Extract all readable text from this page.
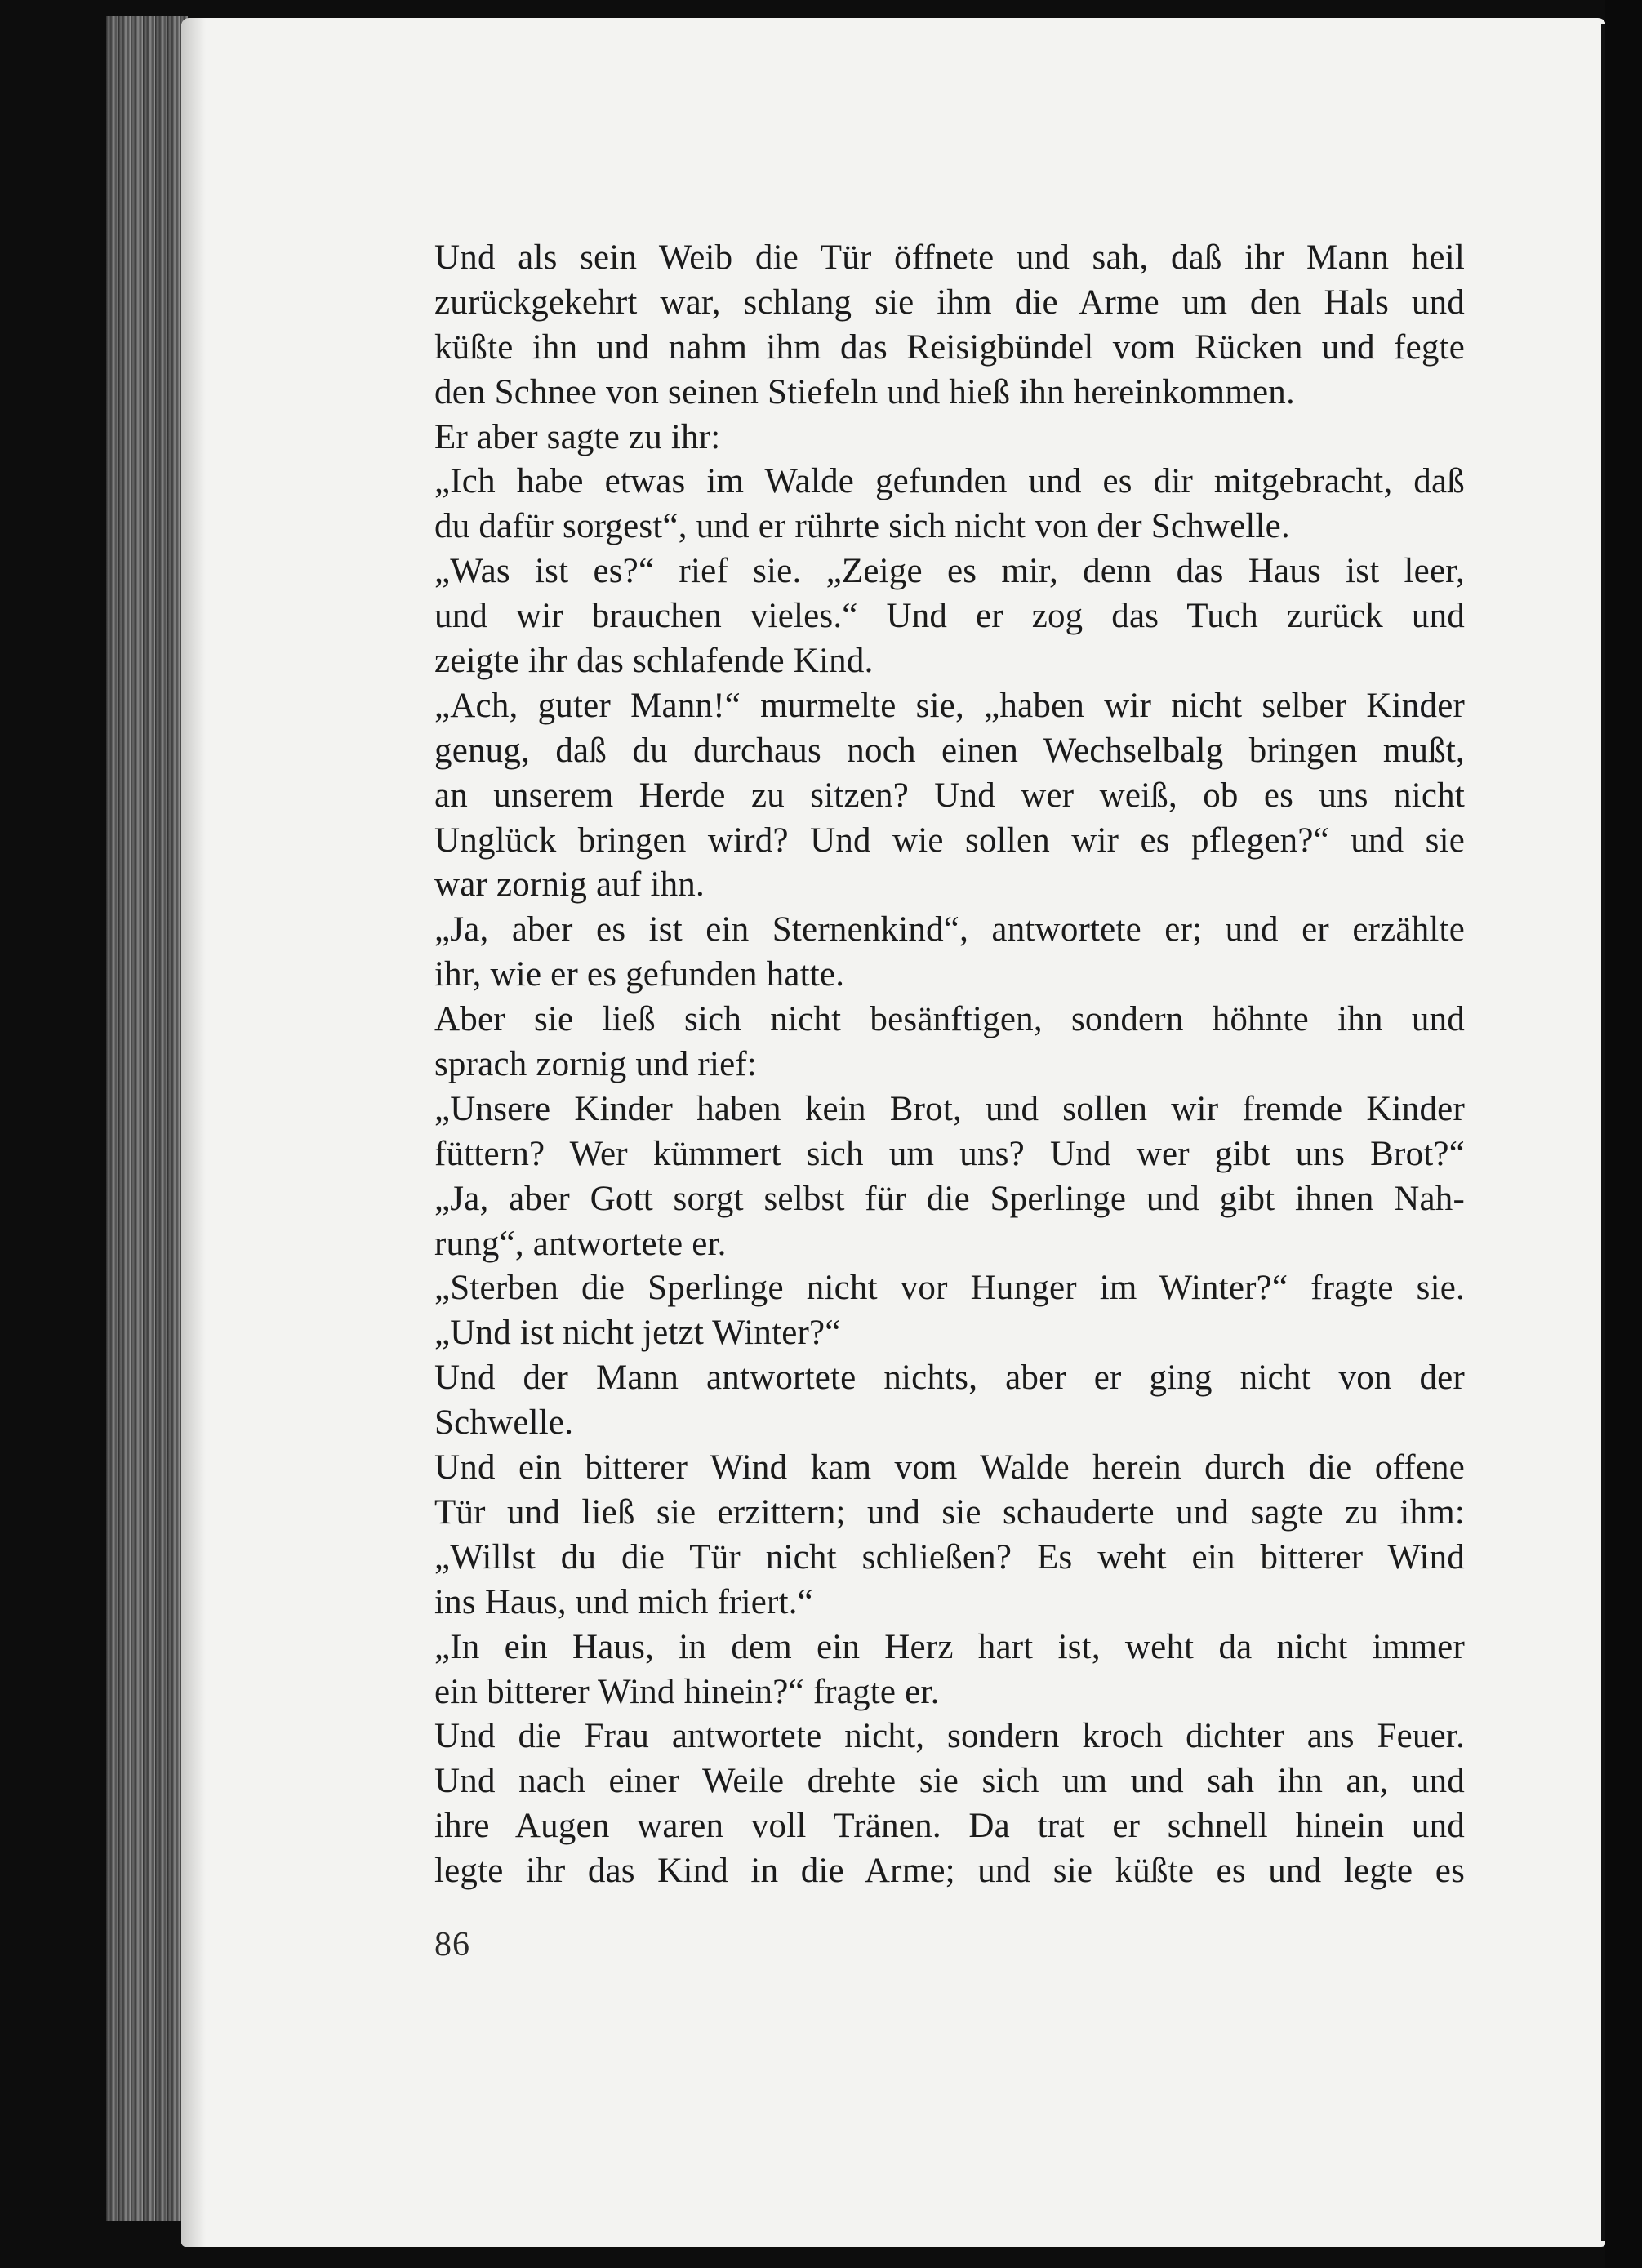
Und als sein Weib die Tür öffnete und sah, daß ihr Mann heil
zurückgekehrt war, schlang sie ihm die Arme um den Hals und
küßte ihn und nahm ihm das Reisigbündel vom Rücken und fegte
den Schnee von seinen Stiefeln und hieß ihn hereinkommen.
Er aber sagte zu ihr:
„Ich habe etwas im Walde gefunden und es dir mitgebracht, daß
du dafür sorgest“, und er rührte sich nicht von der Schwelle.
„Was ist es?“ rief sie. „Zeige es mir, denn das Haus ist leer,
und wir brauchen vieles.“ Und er zog das Tuch zurück und
zeigte ihr das schlafende Kind.
„Ach, guter Mann!“ murmelte sie, „haben wir nicht selber Kinder
genug, daß du durchaus noch einen Wechselbalg bringen mußt,
an unserem Herde zu sitzen? Und wer weiß, ob es uns nicht
Unglück bringen wird? Und wie sollen wir es pflegen?“ und sie
war zornig auf ihn.
„Ja, aber es ist ein Sternenkind“, antwortete er; und er erzählte
ihr, wie er es gefunden hatte.
Aber sie ließ sich nicht besänftigen, sondern höhnte ihn und
sprach zornig und rief:
„Unsere Kinder haben kein Brot, und sollen wir fremde Kinder
füttern? Wer kümmert sich um uns? Und wer gibt uns Brot?“
„Ja, aber Gott sorgt selbst für die Sperlinge und gibt ihnen Nah-
rung“, antwortete er.
„Sterben die Sperlinge nicht vor Hunger im Winter?“ fragte sie.
„Und ist nicht jetzt Winter?“
Und der Mann antwortete nichts, aber er ging nicht von der
Schwelle.
Und ein bitterer Wind kam vom Walde herein durch die offene
Tür und ließ sie erzittern; und sie schauderte und sagte zu ihm:
„Willst du die Tür nicht schließen? Es weht ein bitterer Wind
ins Haus, und mich friert.“
„In ein Haus, in dem ein Herz hart ist, weht da nicht immer
ein bitterer Wind hinein?“ fragte er.
Und die Frau antwortete nicht, sondern kroch dichter ans Feuer.
Und nach einer Weile drehte sie sich um und sah ihn an, und
ihre Augen waren voll Tränen. Da trat er schnell hinein und
legte ihr das Kind in die Arme; und sie küßte es und legte es
86
